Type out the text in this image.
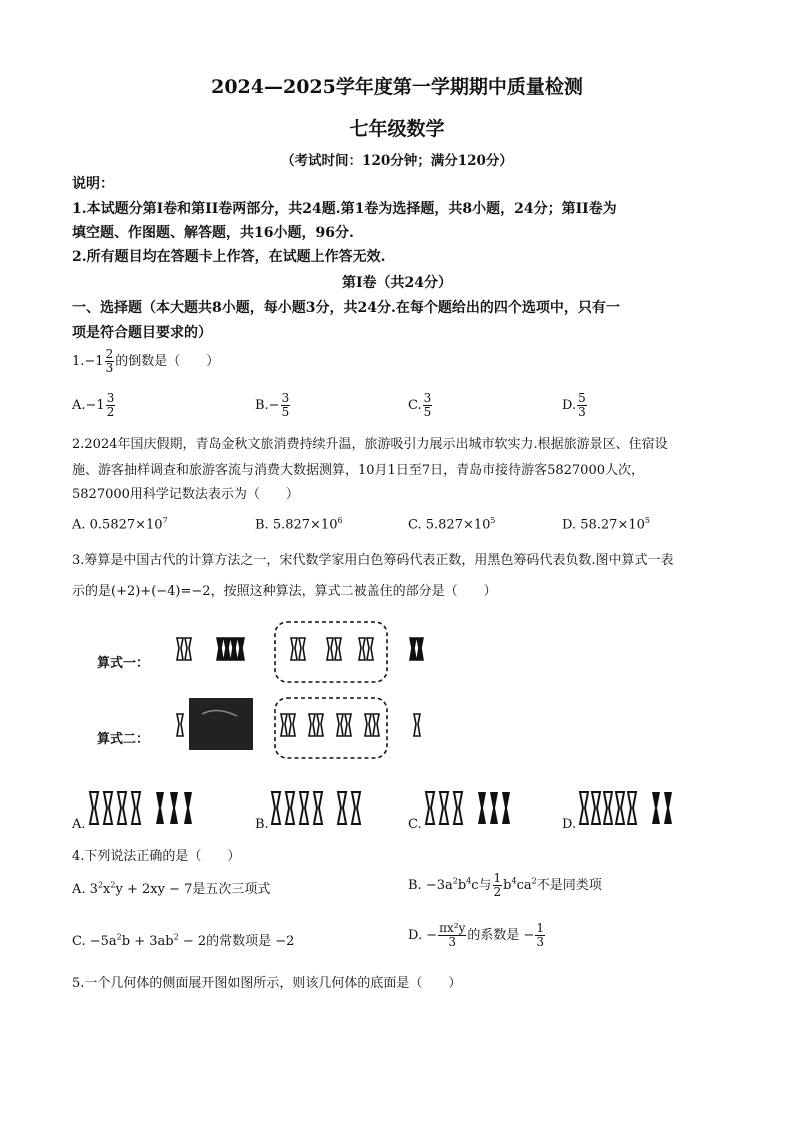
2024—2025学年度第一学期期中质量检测
七年级数学
（考试时间：120分钟；满分120分）
说明：
1.本试题分第I卷和第II卷两部分，共24题.第1卷为选择题，共8小题，24分；第II卷为
填空题、作图题、解答题，共16小题，96分.
2.所有题目均在答题卡上作答，在试题上作答无效.
第I卷（共24分）
一、选择题（本大题共8小题，每小题3分，共24分.在每个题给出的四个选项中，只有一
项是符合题目要求的）
$1.-1 \frac{2}{3}$ 的倒数是（　　）
$A.-1 \frac{3}{2}$	$B.- \frac{3}{5}$	C. $\frac{3}{5}$	D. $\frac{5}{3}$
2.2024年国庆假期，青岛金秋文旅消费持续升温，旅游吸引力展示出城市软实力.根据旅游景区、住宿设
施、游客抽样调查和旅游客流与消费大数据测算，10月1日至7日，青岛市接待游客5827000人次，
5827000用科学记数法表示为（　　）
A. $0.5827\times 10^7$	B. $5.827\times 10^6$	C. $5.827\times 10^5$	D. $58.27\times 10^5$
3.筹算是中国古代的计算方法之一，宋代数学家用白色筹码代表正数，用黑色筹码代表负数.图中算式一表
示的是(+2)+(−4)=−2，按照这种算法，算式二被盖住的部分是（　　）
算式一：
算式二：
A.	B.	C.	D.
4.下列说法正确的是（　　）
A. $3^2x^2y + 2xy - 7$是五次三项式	B. $-3a^2b^4c$与 $\frac{1}{2} b^4ca^2$不是同类项
C. $-5a^2b + 3ab^2 - 2$的常数项是 −2	D. − $\frac{\text{πx²y}}{3}$ 的系数是 − $\frac{1}{3}$
5.一个几何体的侧面展开图如图所示，则该几何体的底面是（　　）
